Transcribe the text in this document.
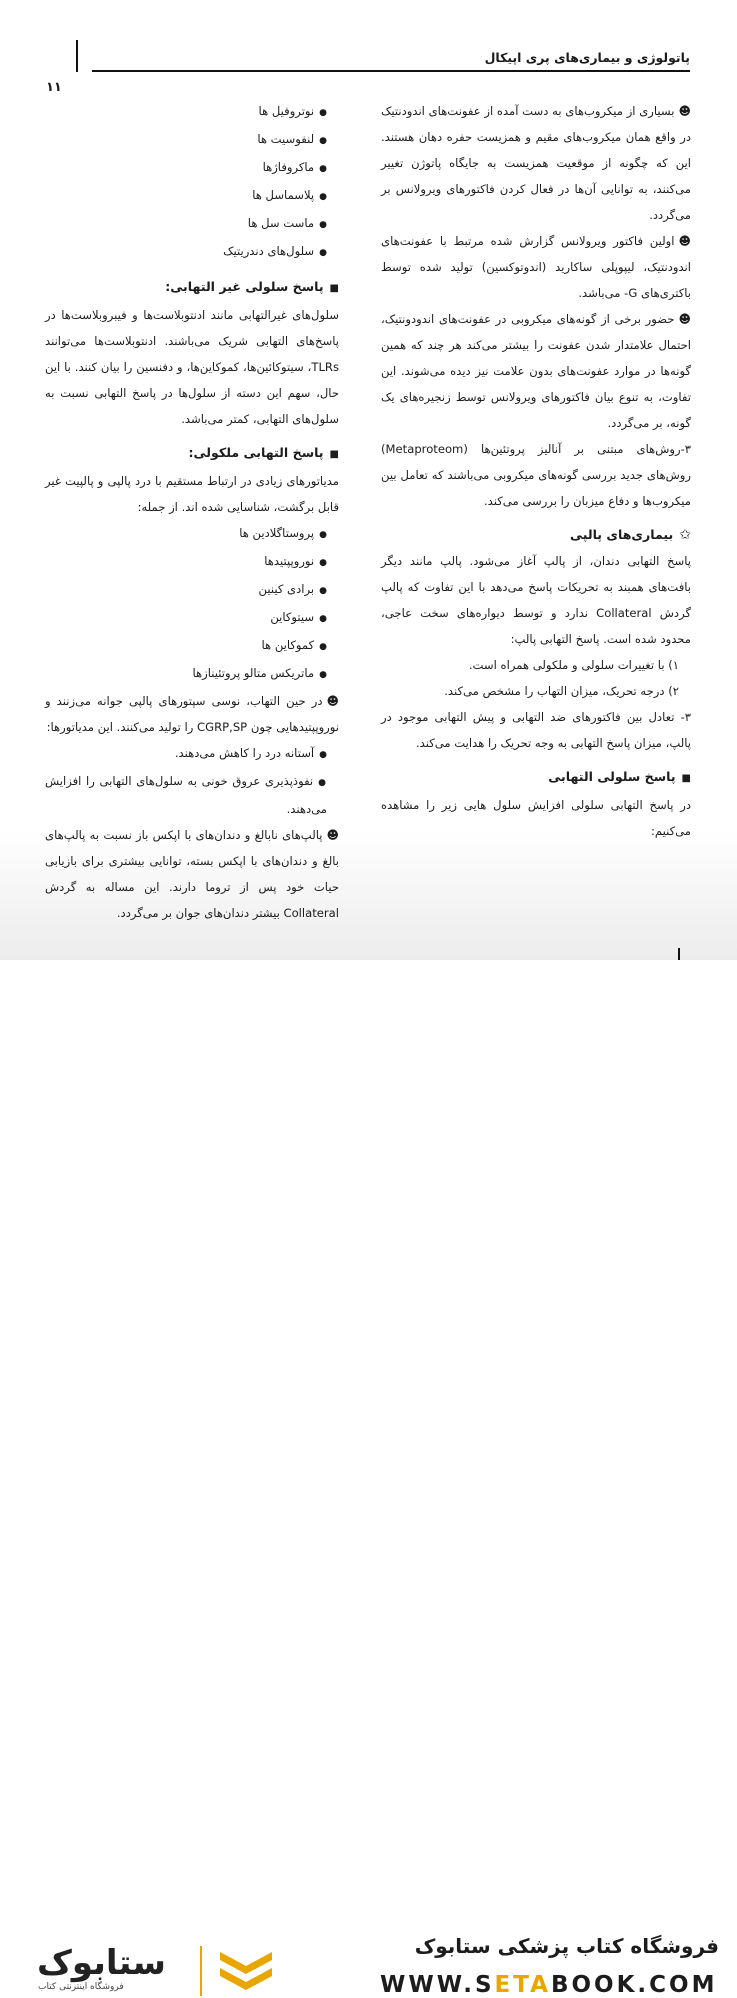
پاتولوژی و بیماری‌های پری اپیکال
۱۱

☻ بسیاری از میکروب‌های به دست آمده از عفونت‌های اندودنتیک در واقع همان میکروب‌های مقیم و همزیست حفره دهان هستند. این که چگونه از موقعیت همزیست به جایگاه پاتوژن تغییر می‌کنند، به توانایی آن‌ها در فعال کردن فاکتورهای ویرولانس بر می‌گردد.

☻ اولین فاکتور ویرولانس گزارش شده مرتبط با عفونت‌های اندودنتیک، لیپوپلی ساکارید (اندوتوکسین) تولید شده توسط باکتری‌های G- می‌باشد.

☻ حضور برخی از گونه‌های میکروبی در عفونت‌های اندودونتیک، احتمال علامتدار شدن عفونت را بیشتر می‌کند هر چند که همین گونه‌ها در موارد عفونت‌های بدون علامت نیز دیده می‌شوند. این تفاوت، به تنوع بیان فاکتورهای ویرولانس توسط زنجیره‌های یک گونه، بر می‌گردد.

۳-روش‌های مبتنی بر آنالیز پروتئین‌ها (Metaproteom) روش‌های جدید بررسی گونه‌های میکروبی می‌باشند که تعامل بین میکروب‌ها و دفاع میزبان را بررسی می‌کند.

✩ بیماری‌های پالپی

پاسخ التهابی دندان، از پالپ آغاز می‌شود. پالپ مانند دیگر بافت‌های همبند به تحریکات پاسخ می‌دهد با این تفاوت که پالپ گردش Collateral ندارد و توسط دیواره‌های سخت عاجی، محدود شده است. پاسخ التهابی پالپ:

۱) با تغییرات سلولی و ملکولی همراه است.

۲) درجه تحریک، میزان التهاب را مشخص می‌کند.

۳- تعادل بین فاکتورهای ضد التهابی و پیش التهابی موجود در پالپ، میزان پاسخ التهابی به وجه تحریک را هدایت می‌کند.

■ پاسخ سلولی التهابی

در پاسخ التهابی سلولی افزایش سلول هایی زیر را مشاهده می‌کنیم:

● نوتروفیل ها

● لنفوسیت ها

● ماکروفاژها

● پلاسماسل ها

● ماست سل ها

● سلول‌های دندریتیک

■ پاسخ سلولی غیر التهابی:

سلول‌های غیرالتهابی مانند ادنتوبلاست‌ها و فیبروبلاست‌ها در پاسخ‌های التهابی شریک می‌باشند. ادنتوبلاست‌ها می‌توانند TLRs، سیتوکائین‌ها، کموکاین‌ها، و دفنسین را بیان کنند. با این حال، سهم این دسته از سلول‌ها در پاسخ التهابی نسبت به سلول‌های التهابی، کمتر می‌باشد.

■ پاسخ التهابی ملکولی:

مدیاتورهای زیادی در ارتباط مستقیم با درد پالپی و پالپیت غیر قابل برگشت، شناسایی شده اند. از جمله:

● پروستاگلادین ها

● نوروپپتیدها

● برادی کینین

● سیتوکاین

● کموکاین ها

● ماتریکس متالو پروتئینازها

☻ در حین التهاب، نوسی سپتورهای پالپی جوانه می‌زنند و نوروپپتیدهایی چون CGRP,SP را تولید می‌کنند. این مدیاتورها:

● آستانه درد را کاهش می‌دهند.

● نفوذپذیری عروق خونی به سلول‌های التهابی را افزایش می‌دهند.

☻ پالپ‌های نابالغ و دندان‌های با اپکس باز نسبت به پالپ‌های بالغ و دندان‌های با اپکس بسته، توانایی بیشتری برای بازیابی حیات خود پس از تروما دارند. این مساله به گردش Collateral بیشتر دندان‌های جوان بر می‌گردد.

ستابوک
فروشگاه اینترنتی کتاب
فروشگاه کتاب پزشکی ستابوک
WWW.SETABOOK.COM
